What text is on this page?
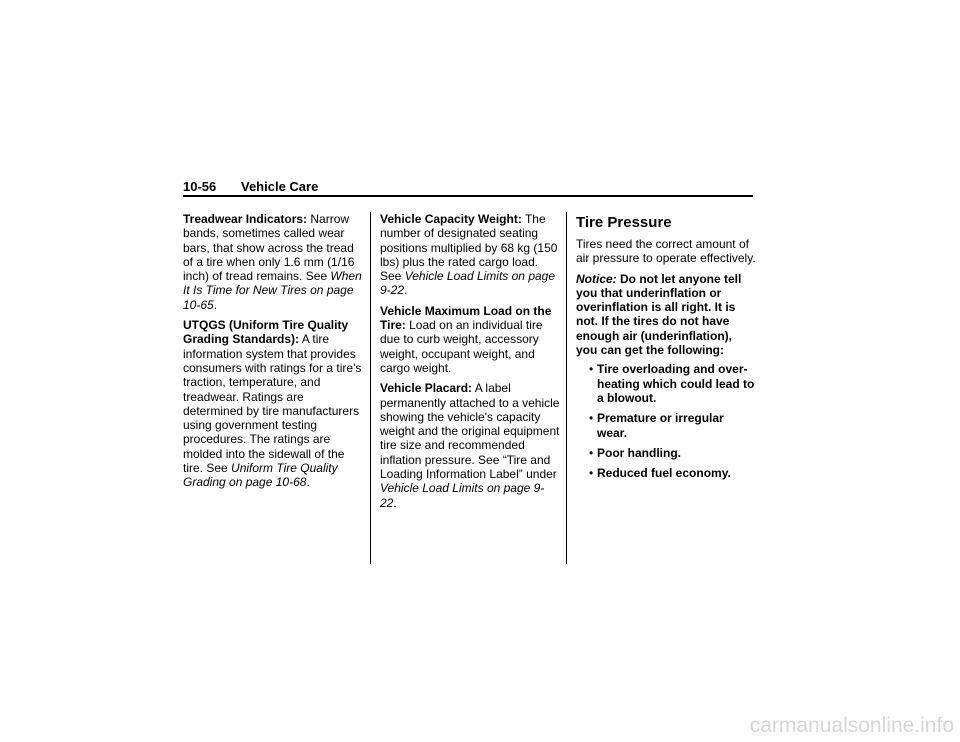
10-56 Vehicle Care

Treadwear Indicators: Narrow bands, sometimes called wear bars, that show across the tread of a tire when only 1.6 mm (1/16 inch) of tread remains. See When It Is Time for New Tires on page 10-65.

UTQGS (Uniform Tire Quality Grading Standards): A tire information system that provides consumers with ratings for a tire's traction, temperature, and treadwear. Ratings are determined by tire manufacturers using government testing procedures. The ratings are molded into the sidewall of the tire. See Uniform Tire Quality Grading on page 10-68.

Vehicle Capacity Weight: The number of designated seating positions multiplied by 68 kg (150 lbs) plus the rated cargo load. See Vehicle Load Limits on page 9-22.

Vehicle Maximum Load on the Tire: Load on an individual tire due to curb weight, accessory weight, occupant weight, and cargo weight.

Vehicle Placard: A label permanently attached to a vehicle showing the vehicle's capacity weight and the original equipment tire size and recommended inflation pressure. See “Tire and Loading Information Label” under Vehicle Load Limits on page 9-22.

Tire Pressure

Tires need the correct amount of air pressure to operate effectively.

Notice: Do not let anyone tell you that underinflation or overinflation is all right. It is not. If the tires do not have enough air (underinflation), you can get the following:

• Tire overloading and over-heating which could lead to a blowout.
• Premature or irregular wear.
• Poor handling.
• Reduced fuel economy.
carmanualsonline.info
